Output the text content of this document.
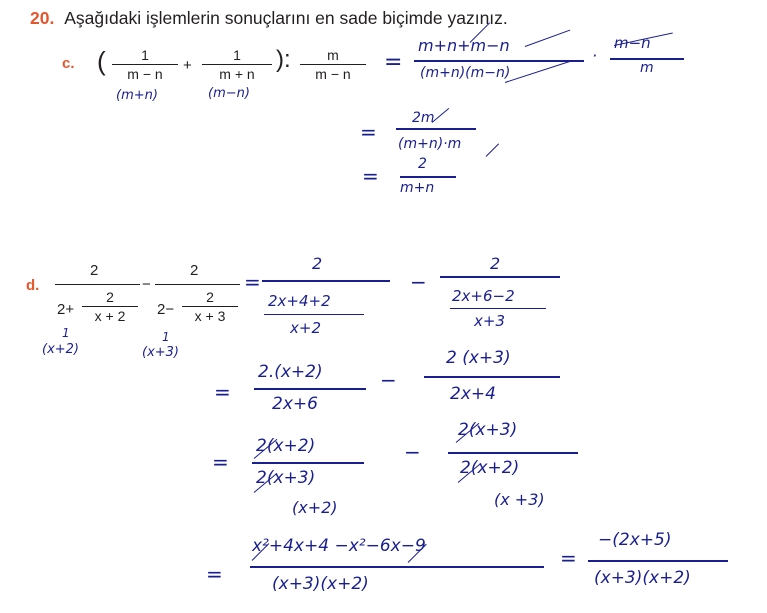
20. Aşağıdaki işlemlerin sonuçlarını en sade biçimde yazınız.
c. ( $\frac{1}{m - n} + \frac{1}{m + n}$ ): $\frac{m}{m - n}$
(m+n)	(m−n)
=
m+n+m−n
(m+n)(m−n)
·
m−n
m
=
2m
(m+n)·m
=	2
m+n
d.
2
$2+ \frac{2}{x + 2}$
−
2
$2- \frac{2}{x + 3}$
1
(x+2)
1
(x+3)
=
2
2x+4+2
x+2
−
2
2x+6−2
x+3
=
2.(x+2)
2x+6
−
2 (x+3)
2x+4
=
2(x+2)
2(x+3)
(x+2)
−
2(x+3)
2(x+2)
(x +3)
=
x²+4x+4 −x²−6x−9
(x+3)(x+2)
=
−(2x+5)
(x+3)(x+2)
